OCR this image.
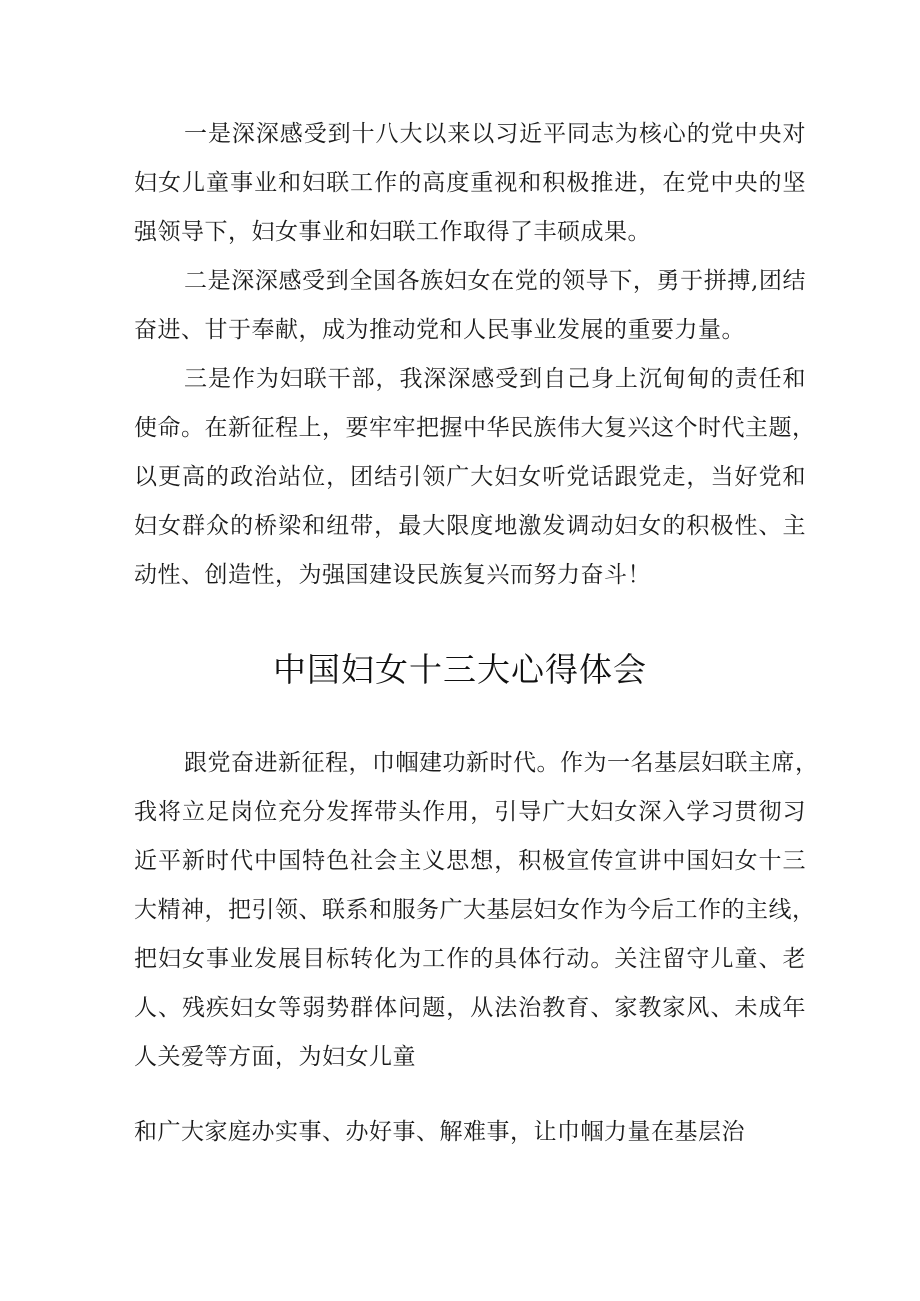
一是深深感受到十八大以来以习近平同志为核心的党中央对
妇女儿童事业和妇联工作的高度重视和积极推进，在党中央的坚
强领导下，妇女事业和妇联工作取得了丰硕成果。
二是深深感受到全国各族妇女在党的领导下，勇于拼搏,团结
奋进、甘于奉献，成为推动党和人民事业发展的重要力量。
三是作为妇联干部，我深深感受到自己身上沉甸甸的责任和
使命。在新征程上，要牢牢把握中华民族伟大复兴这个时代主题，
以更高的政治站位，团结引领广大妇女听党话跟党走，当好党和
妇女群众的桥梁和纽带，最大限度地激发调动妇女的积极性、主
动性、创造性，为强国建设民族复兴而努力奋斗！
中国妇女十三大心得体会
跟党奋进新征程，巾帼建功新时代。作为一名基层妇联主席，
我将立足岗位充分发挥带头作用，引导广大妇女深入学习贯彻习
近平新时代中国特色社会主义思想，积极宣传宣讲中国妇女十三
大精神，把引领、联系和服务广大基层妇女作为今后工作的主线，
把妇女事业发展目标转化为工作的具体行动。关注留守儿童、老
人、残疾妇女等弱势群体问题，从法治教育、家教家风、未成年
人关爱等方面，为妇女儿童
和广大家庭办实事、办好事、解难事，让巾帼力量在基层治
